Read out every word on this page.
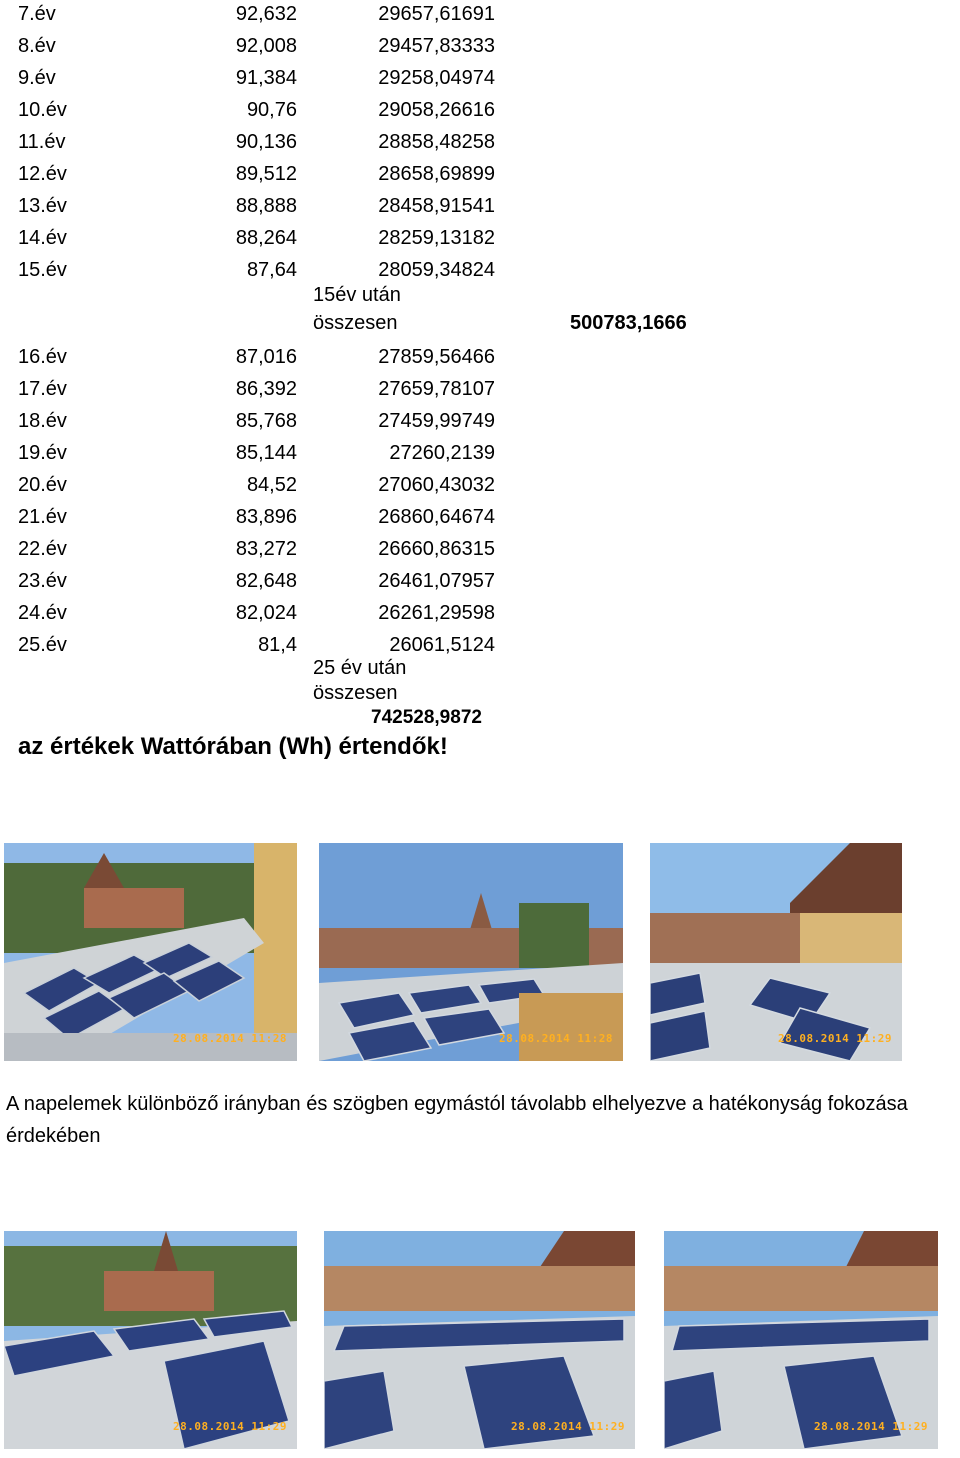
7.év	92,632	29657,61691
8.év	92,008	29457,83333
9.év	91,384	29258,04974
10.év	90,76	29058,26616
11.év	90,136	28858,48258
12.év	89,512	28658,69899
13.év	88,888	28458,91541
14.év	88,264	28259,13182
15.év	87,64	28059,34824
15év után
összesen	500783,1666
16.év	87,016	27859,56466
17.év	86,392	27659,78107
18.év	85,768	27459,99749
19.év	85,144	27260,2139
20.év	84,52	27060,43032
21.év	83,896	26860,64674
22.év	83,272	26660,86315
23.év	82,648	26461,07957
24.év	82,024	26261,29598
25.év	81,4	26061,5124
25 év után
összesen
742528,9872
az értékek Wattórában (Wh) értendők!
28.08.2014 11:28	28.08.2014 11:28	28.08.2014 11:29
A napelemek különböző irányban és szögben egymástól távolabb elhelyezve a hatékonyság fokozása érdekében
28.08.2014 11:29	28.08.2014 11:29	28.08.2014 11:29
